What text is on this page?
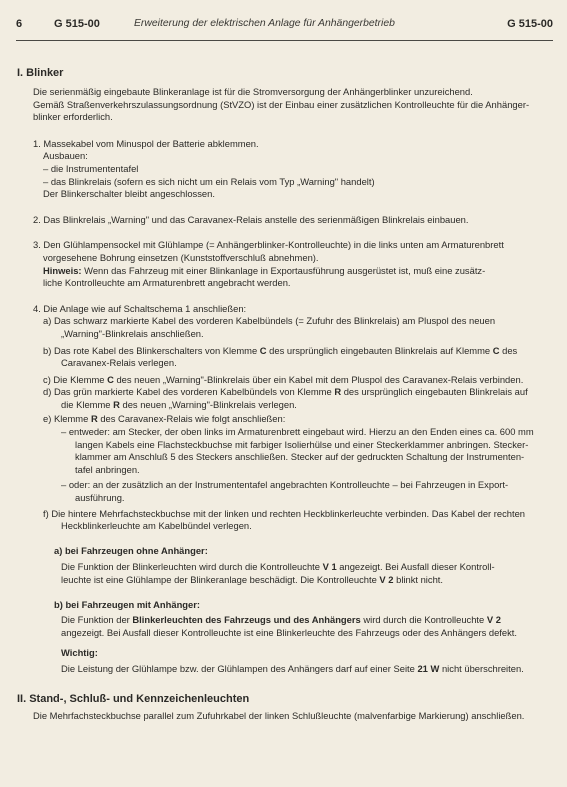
6	G 515-00	Erweiterung der elektrischen Anlage für Anhängerbetrieb	G 515-00

I. Blinker

Die serienmäßig eingebaute Blinkeranlage ist für die Stromversorgung der Anhängerblinker unzureichend.

Gemäß Straßenverkehrszulassungsordnung (StVZO) ist der Einbau einer zusätzlichen Kontrolleuchte für die Anhänger-

blinker erforderlich.

1. Massekabel vom Minuspol der Batterie abklemmen.

Ausbauen:

– die Instrumententafel

– das Blinkrelais (sofern es sich nicht um ein Relais vom Typ „Warning" handelt)

Der Blinkerschalter bleibt angeschlossen.

2. Das Blinkrelais „Warning" und das Caravanex-Relais anstelle des serienmäßigen Blinkrelais einbauen.

3. Den Glühlampensockel mit Glühlampe (= Anhängerblinker-Kontrolleuchte) in die links unten am Armaturenbrett

vorgesehene Bohrung einsetzen (Kunststoffverschluß abnehmen).

Hinweis: Wenn das Fahrzeug mit einer Blinkanlage in Exportausführung ausgerüstet ist, muß eine zusätz-

liche Kontrolleuchte am Armaturenbrett angebracht werden.

4. Die Anlage wie auf Schaltschema 1 anschließen:

a) Das schwarz markierte Kabel des vorderen Kabelbündels (= Zufuhr des Blinkrelais) am Pluspol des neuen

„Warning"-Blinkrelais anschließen.

b) Das rote Kabel des Blinkerschalters von Klemme C des ursprünglich eingebauten Blinkrelais auf Klemme C des

Caravanex-Relais verlegen.

c) Die Klemme C des neuen „Warning"-Blinkrelais über ein Kabel mit dem Pluspol des Caravanex-Relais verbinden.

d) Das grün markierte Kabel des vorderen Kabelbündels von Klemme R des ursprünglich eingebauten Blinkrelais auf

die Klemme R des neuen „Warning"-Blinkrelais verlegen.

e) Klemme R des Caravanex-Relais wie folgt anschließen:

– entweder: am Stecker, der oben links im Armaturenbrett eingebaut wird. Hierzu an den Enden eines ca. 600 mm

langen Kabels eine Flachsteckbuchse mit farbiger Isolierhülse und einer Steckerklammer anbringen. Stecker-

klammer am Anschluß 5 des Steckers anschließen. Stecker auf der gedruckten Schaltung der Instrumenten-

tafel anbringen.

– oder: an der zusätzlich an der Instrumententafel angebrachten Kontrolleuchte – bei Fahrzeugen in Export-

ausführung.

f) Die hintere Mehrfachsteckbuchse mit der linken und rechten Heckblinkerleuchte verbinden. Das Kabel der rechten

Heckblinkerleuchte am Kabelbündel verlegen.

a) bei Fahrzeugen ohne Anhänger:

Die Funktion der Blinkerleuchten wird durch die Kontrolleuchte V 1 angezeigt. Bei Ausfall dieser Kontroll-

leuchte ist eine Glühlampe der Blinkeranlage beschädigt. Die Kontrolleuchte V 2 blinkt nicht.

b) bei Fahrzeugen mit Anhänger:

Die Funktion der Blinkerleuchten des Fahrzeugs und des Anhängers wird durch die Kontrolleuchte V 2

angezeigt. Bei Ausfall dieser Kontrolleuchte ist eine Blinkerleuchte des Fahrzeugs oder des Anhängers defekt.

Wichtig:

Die Leistung der Glühlampe bzw. der Glühlampen des Anhängers darf auf einer Seite 21 W nicht überschreiten.

II. Stand-, Schluß- und Kennzeichenleuchten

Die Mehrfachsteckbuchse parallel zum Zufuhrkabel der linken Schlußleuchte (malvenfarbige Markierung) anschließen.
